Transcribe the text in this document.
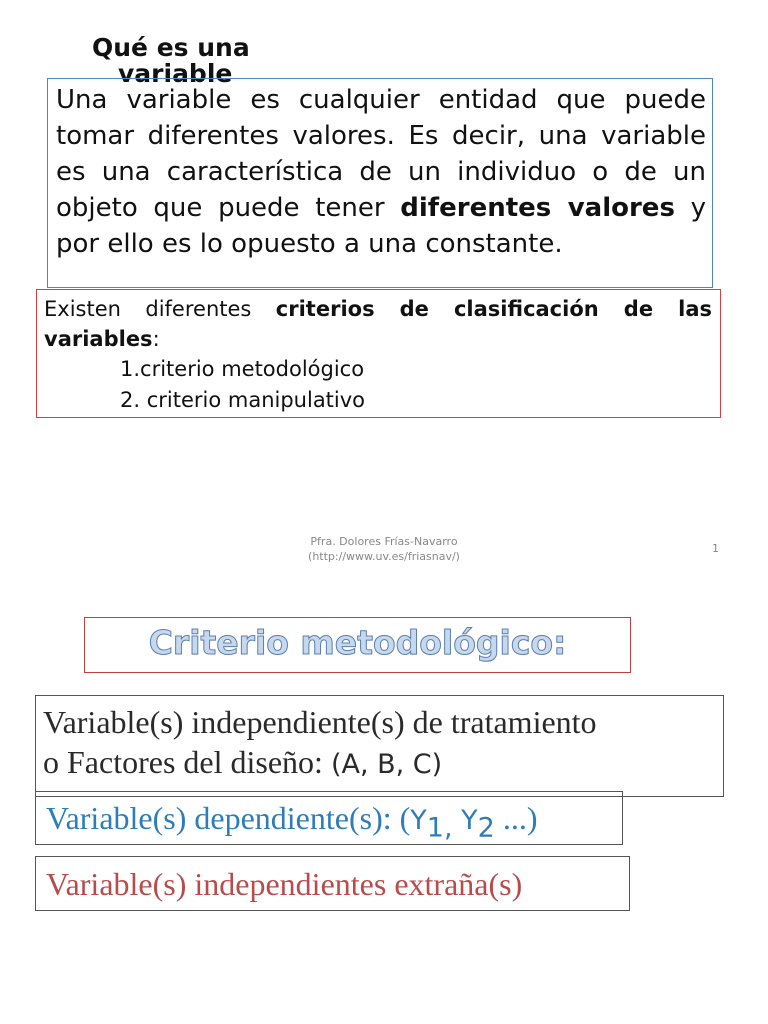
Qué es una
variable
Una variable es cualquier entidad que puede tomar diferentes valores. Es decir, una variable es una característica de un individuo o de un objeto que puede tener diferentes valores y por ello es lo opuesto a una constante.
Existen diferentes criterios de clasificación de las variables:
1.criterio metodológico
2. criterio manipulativo
Pfra. Dolores Frías-Navarro
(http://www.uv.es/friasnav/)
1
Criterio metodológico:
Variable(s) independiente(s) de tratamiento
o Factores del diseño: (A, B, C)
Variable(s) dependiente(s): ($Y_{1,}$ $Y_2$ ...)
Variable(s) independientes extraña(s)
